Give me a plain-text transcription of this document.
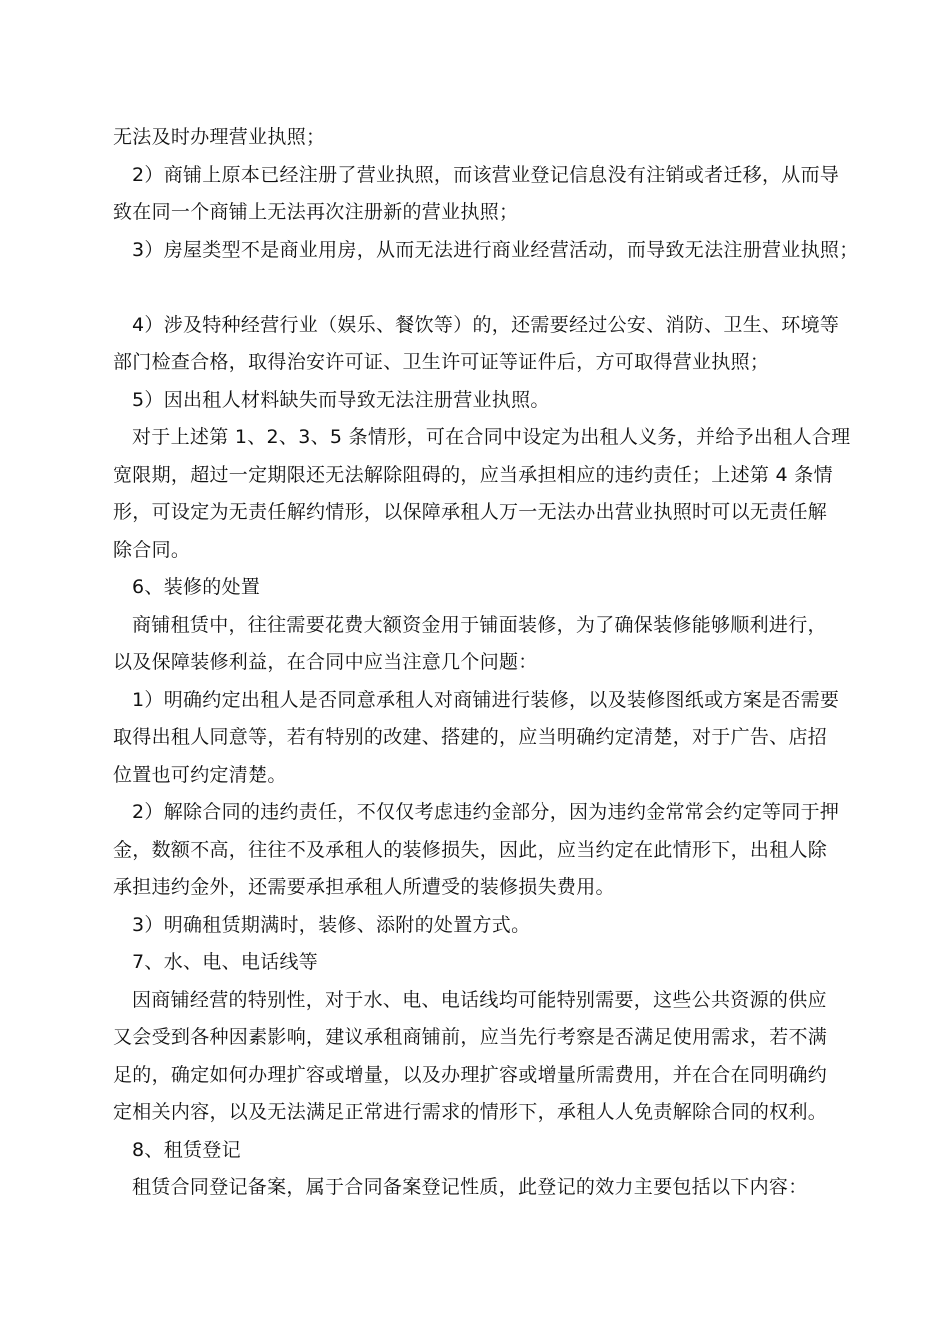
无法及时办理营业执照；
2）商铺上原本已经注册了营业执照，而该营业登记信息没有注销或者迁移，从而导
致在同一个商铺上无法再次注册新的营业执照；
3）房屋类型不是商业用房，从而无法进行商业经营活动，而导致无法注册营业执照；
4）涉及特种经营行业（娱乐、餐饮等）的，还需要经过公安、消防、卫生、环境等
部门检查合格，取得治安许可证、卫生许可证等证件后，方可取得营业执照；
5）因出租人材料缺失而导致无法注册营业执照。
对于上述第 1、2、3、5 条情形，可在合同中设定为出租人义务，并给予出租人合理
宽限期，超过一定期限还无法解除阻碍的，应当承担相应的违约责任；上述第 4 条情
形，可设定为无责任解约情形，以保障承租人万一无法办出营业执照时可以无责任解
除合同。
6、装修的处置
商铺租赁中，往往需要花费大额资金用于铺面装修，为了确保装修能够顺利进行，
以及保障装修利益，在合同中应当注意几个问题：
1）明确约定出租人是否同意承租人对商铺进行装修，以及装修图纸或方案是否需要
取得出租人同意等，若有特别的改建、搭建的，应当明确约定清楚，对于广告、店招
位置也可约定清楚。
2）解除合同的违约责任，不仅仅考虑违约金部分，因为违约金常常会约定等同于押
金，数额不高，往往不及承租人的装修损失，因此，应当约定在此情形下，出租人除
承担违约金外，还需要承担承租人所遭受的装修损失费用。
3）明确租赁期满时，装修、添附的处置方式。
7、水、电、电话线等
因商铺经营的特别性，对于水、电、电话线均可能特别需要，这些公共资源的供应
又会受到各种因素影响，建议承租商铺前，应当先行考察是否满足使用需求，若不满
足的，确定如何办理扩容或增量，以及办理扩容或增量所需费用，并在合在同明确约
定相关内容，以及无法满足正常进行需求的情形下，承租人人免责解除合同的权利。
8、租赁登记
租赁合同登记备案，属于合同备案登记性质，此登记的效力主要包括以下内容：
